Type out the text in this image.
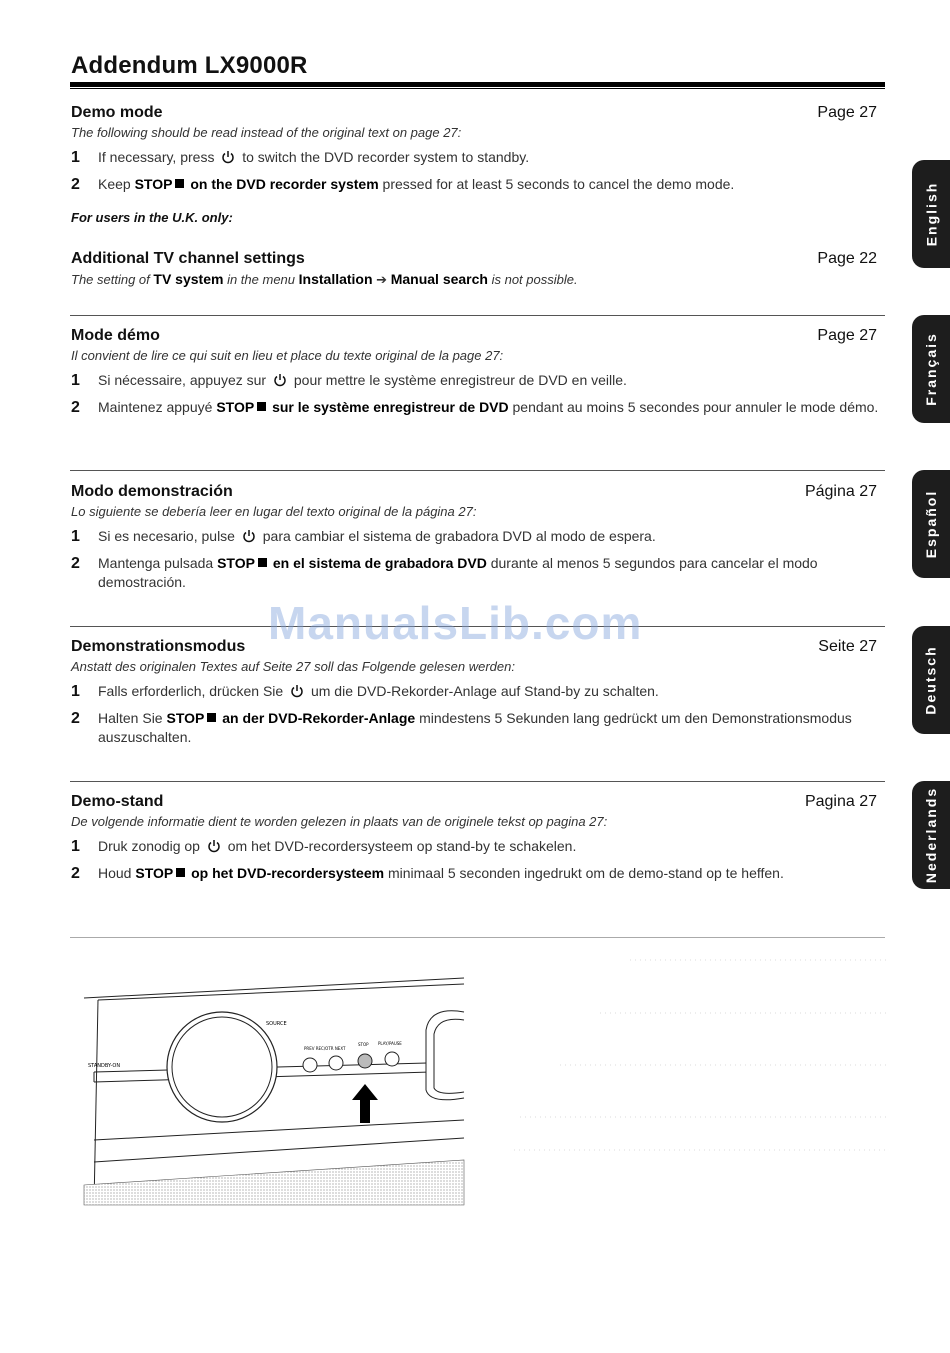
Addendum LX9000R
Demo mode	Page 27
The following should be read instead of the original text on page 27:
1	If necessary, press to switch the DVD recorder system to standby.
2	Keep STOP on the DVD recorder system pressed for at least 5 seconds to cancel the demo mode.
For users in the U.K. only:
Additional TV channel settings	Page 22
The setting of TV system in the menu Installation ➔ Manual search is not possible.
Mode démo	Page 27
Il convient de lire ce qui suit en lieu et place du texte original de la page 27:
1	Si nécessaire, appuyez sur pour mettre le système enregistreur de DVD en veille.
2	Maintenez appuyé STOP sur le système enregistreur de DVD pendant au moins 5 secondes pour annuler le mode démo.
Modo demonstración	Página 27
Lo siguiente se debería leer en lugar del texto original de la página 27:
1	Si es necesario, pulse para cambiar el sistema de grabadora DVD al modo de espera.
2	Mantenga pulsada STOP en el sistema de grabadora DVD durante al menos 5 segundos para cancelar el modo demostración.
Demonstrationsmodus	Seite 27
Anstatt des originalen Textes auf Seite 27 soll das Folgende gelesen werden:
1	Falls erforderlich, drücken Sie um die DVD-Rekorder-Anlage auf Stand-by zu schalten.
2	Halten Sie STOP an der DVD-Rekorder-Anlage mindestens 5 Sekunden lang gedrückt um den Demonstrationsmodus auszuschalten.
Demo-stand	Pagina 27
De volgende informatie dient te worden gelezen in plaats van de originele tekst op pagina 27:
1	Druk zonodig op om het DVD-recordersysteem op stand-by te schakelen.
2	Houd STOP op het DVD-recordersysteem minimaal 5 seconden ingedrukt om de demo-stand op te heffen.
ManualsLib.com
English
Français
Español
Deutsch
Nederlands
SOURCE
STANDBY-ON
PREV REC/OTR NEXT
STOP PLAY/PAUSE
